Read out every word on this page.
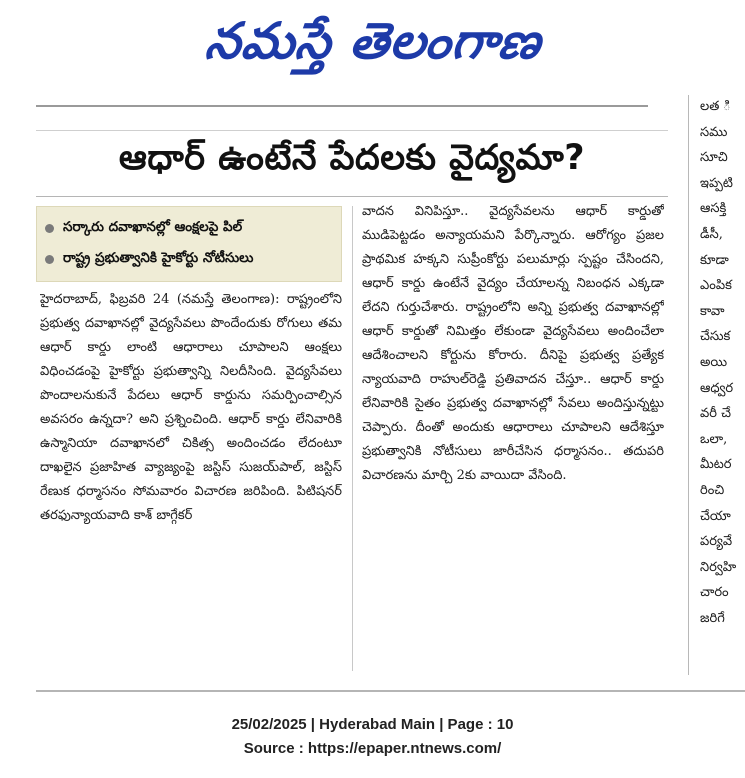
నమస్తే తెలంగాణ
ఆధార్ ఉంటేనే పేదలకు వైద్యమా?
సర్కారు దవాఖానల్లో ఆంక్షలపై పిల్
రాష్ట్ర ప్రభుత్వానికి హైకోర్టు నోటీసులు
హైదరాబాద్, ఫిబ్రవరి 24 (నమస్తే తెలంగాణ): రాష్ట్రంలోని ప్రభుత్వ దవాఖానల్లో వైద్యసేవలు పొందేందుకు రోగులు తమ ఆధార్ కార్డు లాంటి ఆధారాలు చూపాలని ఆంక్షలు విధించడంపై హైకోర్టు ప్రభుత్వాన్ని నిలదీసింది. వైద్యసేవలు పొందాలనుకునే పేదలు ఆధార్ కార్డును సమర్పించాల్సిన అవసరం ఉన్నదా? అని ప్రశ్నించింది. ఆధార్ కార్డు లేనివారికి ఉస్మానియా దవాఖానలో చికిత్స అందించడం లేదంటూ దాఖలైన ప్రజాహిత వ్యాజ్యంపై జస్టిస్ సుజయ్‌పాల్, జస్టిస్ రేణుక ధర్మాసనం సోమవారం విచారణ జరిపింది. పిటిషనర్ తరఫున్యాయవాది కాశ్ బాగ్గేకర్
వాదన వినిపిస్తూ.. వైద్యసేవలను ఆధార్ కార్డుతో ముడిపెట్టడం అన్యాయమని పేర్కొన్నారు. ఆరోగ్యం ప్రజల ప్రాథమిక హక్కని సుప్రీంకోర్టు పలుమార్లు స్పష్టం చేసిందని, ఆధార్ కార్డు ఉంటేనే వైద్యం చేయాలన్న నిబంధన ఎక్కడా లేదని గుర్తుచేశారు. రాష్ట్రంలోని అన్ని ప్రభుత్వ దవాఖానల్లో ఆధార్ కార్డుతో నిమిత్తం లేకుండా వైద్యసేవలు అందించేలా ఆదేశించాలని కోర్టును కోరారు. దీనిపై ప్రభుత్వ ప్రత్యేక న్యాయవాది రాహుల్‌రెడ్డి ప్రతివాదన చేస్తూ.. ఆధార్ కార్డు లేనివారికి సైతం ప్రభుత్వ దవాఖానల్లో సేవలు అందిస్తున్నట్టు చెప్పారు. దీంతో అందుకు ఆధారాలు చూపాలని ఆదేశిస్తూ ప్రభుత్వానికి నోటీసులు జారీచేసిన ధర్మాసనం.. తదుపరి విచారణను మార్చి 2కు వాయిదా వేసింది.
లత ి
సము
సూచి
ఇప్పటి
ఆసక్తి
డీసీ,
కూడా
ఎంపిక
కావా
చేసుక
అయి
ఆధ్వర
వరీ చే
ఒలా,
మీటర
రించి
చేయా
పర్యవే
నిర్వహి
చారం
జరిగే
25/02/2025 | Hyderabad Main | Page : 10
Source : https://epaper.ntnews.com/
